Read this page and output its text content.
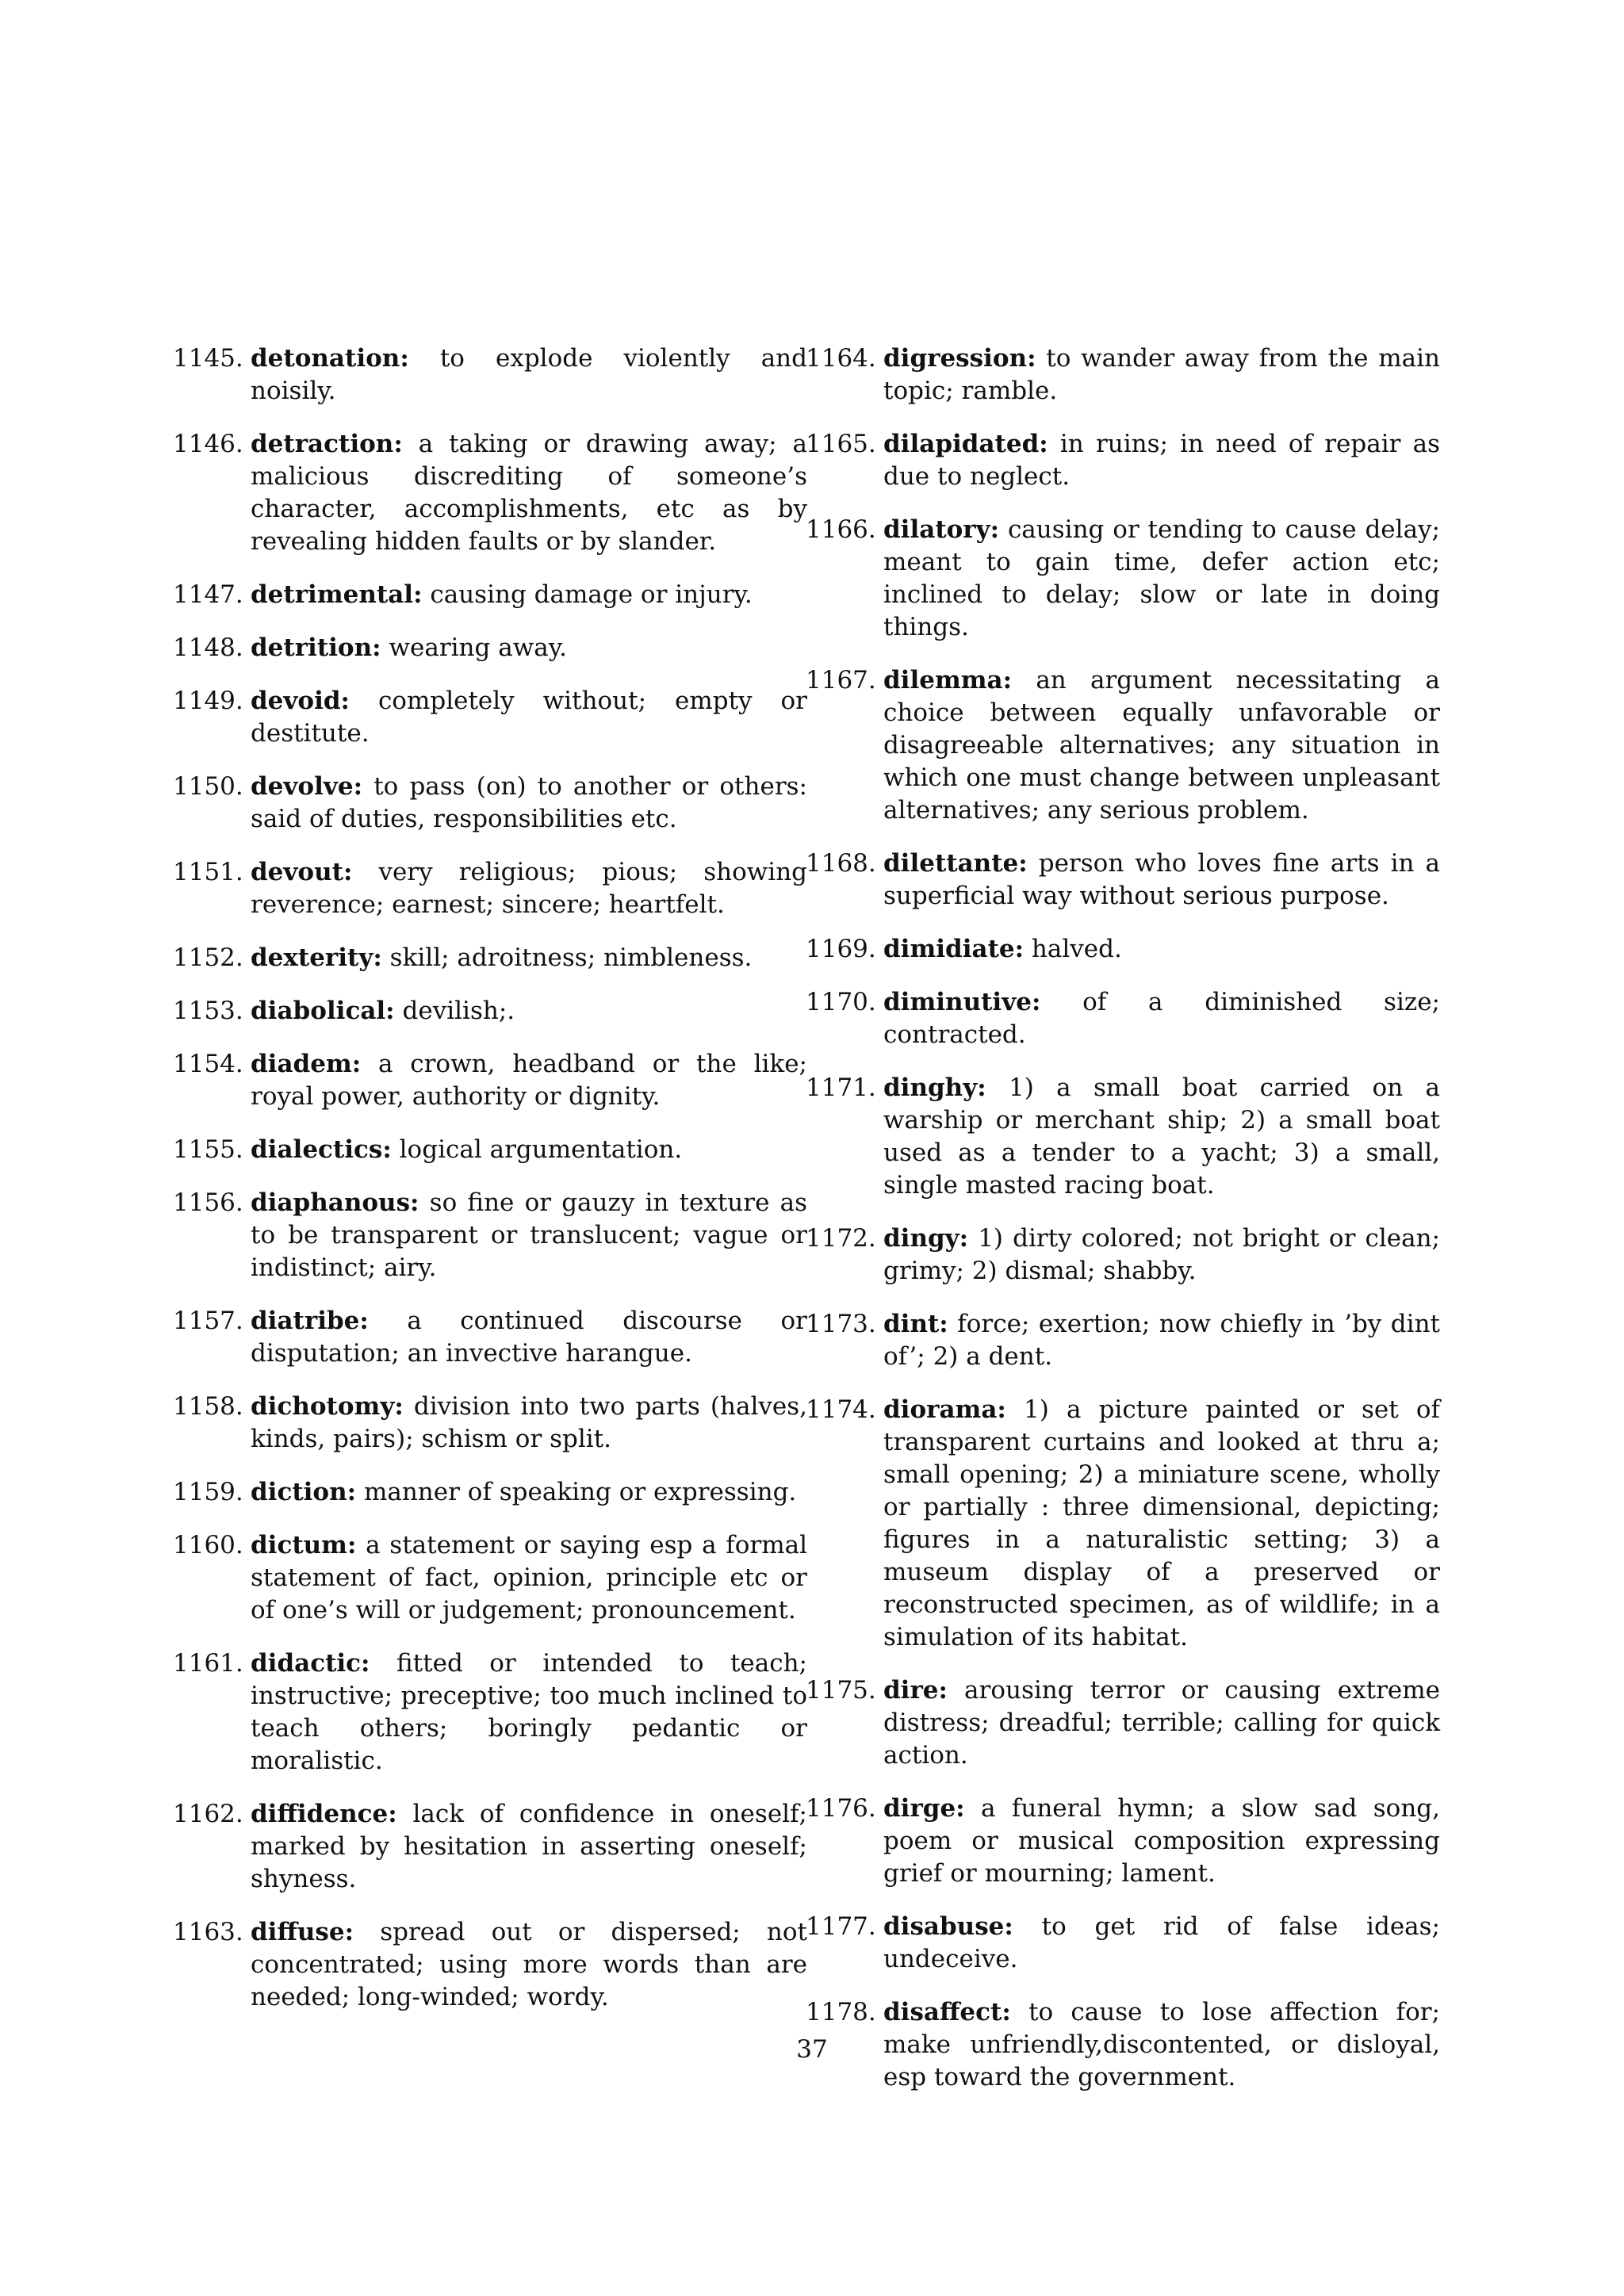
1145. detonation: to explode violently and noisily.
1146. detraction: a taking or drawing away; a malicious discrediting of someone’s character, accomplishments, etc as by revealing hidden faults or by slander.
1147. detrimental: causing damage or injury.
1148. detrition: wearing away.
1149. devoid: completely without; empty or destitute.
1150. devolve: to pass (on) to another or others: said of duties, responsibilities etc.
1151. devout: very religious; pious; showing reverence; earnest; sincere; heartfelt.
1152. dexterity: skill; adroitness; nimbleness.
1153. diabolical: devilish;.
1154. diadem: a crown, headband or the like; royal power, authority or dignity.
1155. dialectics: logical argumentation.
1156. diaphanous: so fine or gauzy in texture as to be transparent or translucent; vague or indistinct; airy.
1157. diatribe: a continued discourse or disputation; an invective harangue.
1158. dichotomy: division into two parts (halves, kinds, pairs); schism or split.
1159. diction: manner of speaking or expressing.
1160. dictum: a statement or saying esp a formal statement of fact, opinion, principle etc or of one’s will or judgement; pronouncement.
1161. didactic: fitted or intended to teach; instructive; preceptive; too much inclined to teach others; boringly pedantic or moralistic.
1162. diffidence: lack of confidence in oneself; marked by hesitation in asserting oneself; shyness.
1163. diffuse: spread out or dispersed; not concentrated; using more words than are needed; long-winded; wordy.
1164. digression: to wander away from the main topic; ramble.
1165. dilapidated: in ruins; in need of repair as due to neglect.
1166. dilatory: causing or tending to cause delay; meant to gain time, defer action etc; inclined to delay; slow or late in doing things.
1167. dilemma: an argument necessitating a choice between equally unfavorable or disagreeable alternatives; any situation in which one must change between unpleasant alternatives; any serious problem.
1168. dilettante: person who loves fine arts in a superficial way without serious purpose.
1169. dimidiate: halved.
1170. diminutive: of a diminished size; contracted.
1171. dinghy: 1) a small boat carried on a warship or merchant ship; 2) a small boat used as a tender to a yacht; 3) a small, single masted racing boat.
1172. dingy: 1) dirty colored; not bright or clean; grimy; 2) dismal; shabby.
1173. dint: force; exertion; now chiefly in ’by dint of’; 2) a dent.
1174. diorama: 1) a picture painted or set of transparent curtains and looked at thru a; small opening; 2) a miniature scene, wholly or partially : three dimensional, depicting; figures in a naturalistic setting; 3) a museum display of a preserved or reconstructed specimen, as of wildlife; in a simulation of its habitat.
1175. dire: arousing terror or causing extreme distress; dreadful; terrible; calling for quick action.
1176. dirge: a funeral hymn; a slow sad song, poem or musical composition expressing grief or mourning; lament.
1177. disabuse: to get rid of false ideas; undeceive.
1178. disaffect: to cause to lose affection for; make unfriendly,discontented, or disloyal, esp toward the government.
37
